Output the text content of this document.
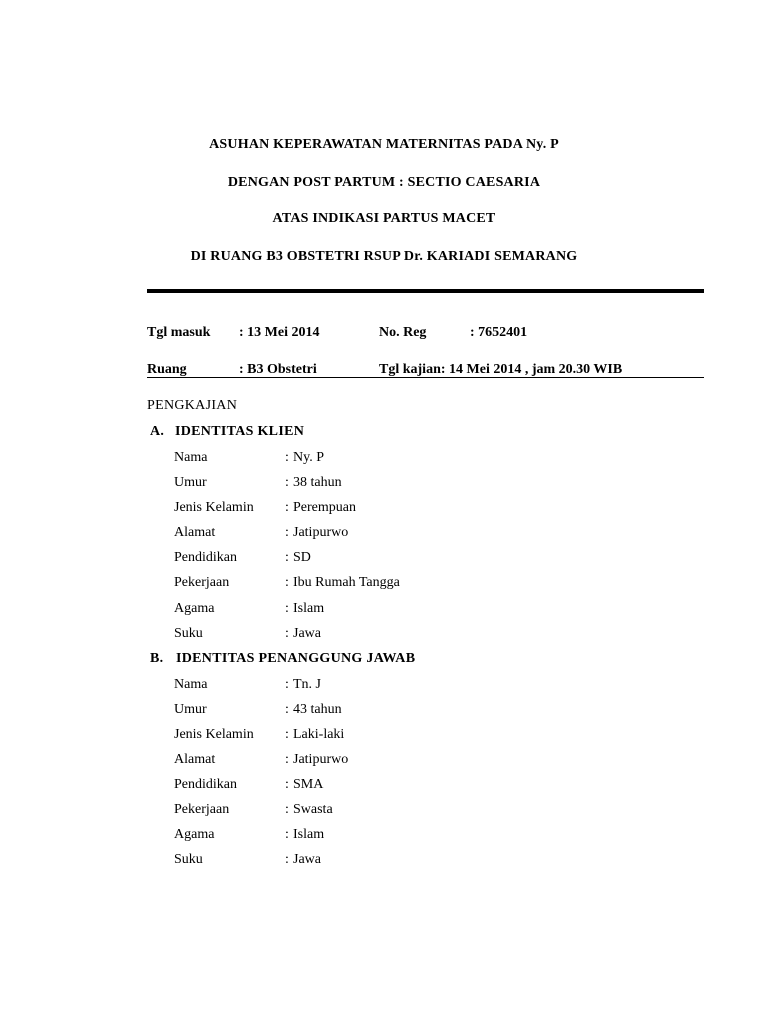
ASUHAN KEPERAWATAN MATERNITAS PADA Ny. P
DENGAN POST PARTUM : SECTIO CAESARIA
ATAS INDIKASI PARTUS MACET
DI RUANG B3 OBSTETRI RSUP Dr. KARIADI SEMARANG
Tgl masuk : 13 Mei 2014	No. Reg	: 7652401
Ruang	: B3 Obstetri	Tgl kajian: 14 Mei 2014 , jam 20.30 WIB
PENGKAJIAN
A. IDENTITAS KLIEN
Nama	: Ny. P
Umur	: 38 tahun
Jenis Kelamin : Perempuan
Alamat	: Jatipurwo
Pendidikan	: SD
Pekerjaan	: Ibu Rumah Tangga
Agama	: Islam
Suku	: Jawa
B. IDENTITAS PENANGGUNG JAWAB
Nama	: Tn. J
Umur	: 43 tahun
Jenis Kelamin : Laki-laki
Alamat	: Jatipurwo
Pendidikan	: SMA
Pekerjaan	: Swasta
Agama	: Islam
Suku	: Jawa
